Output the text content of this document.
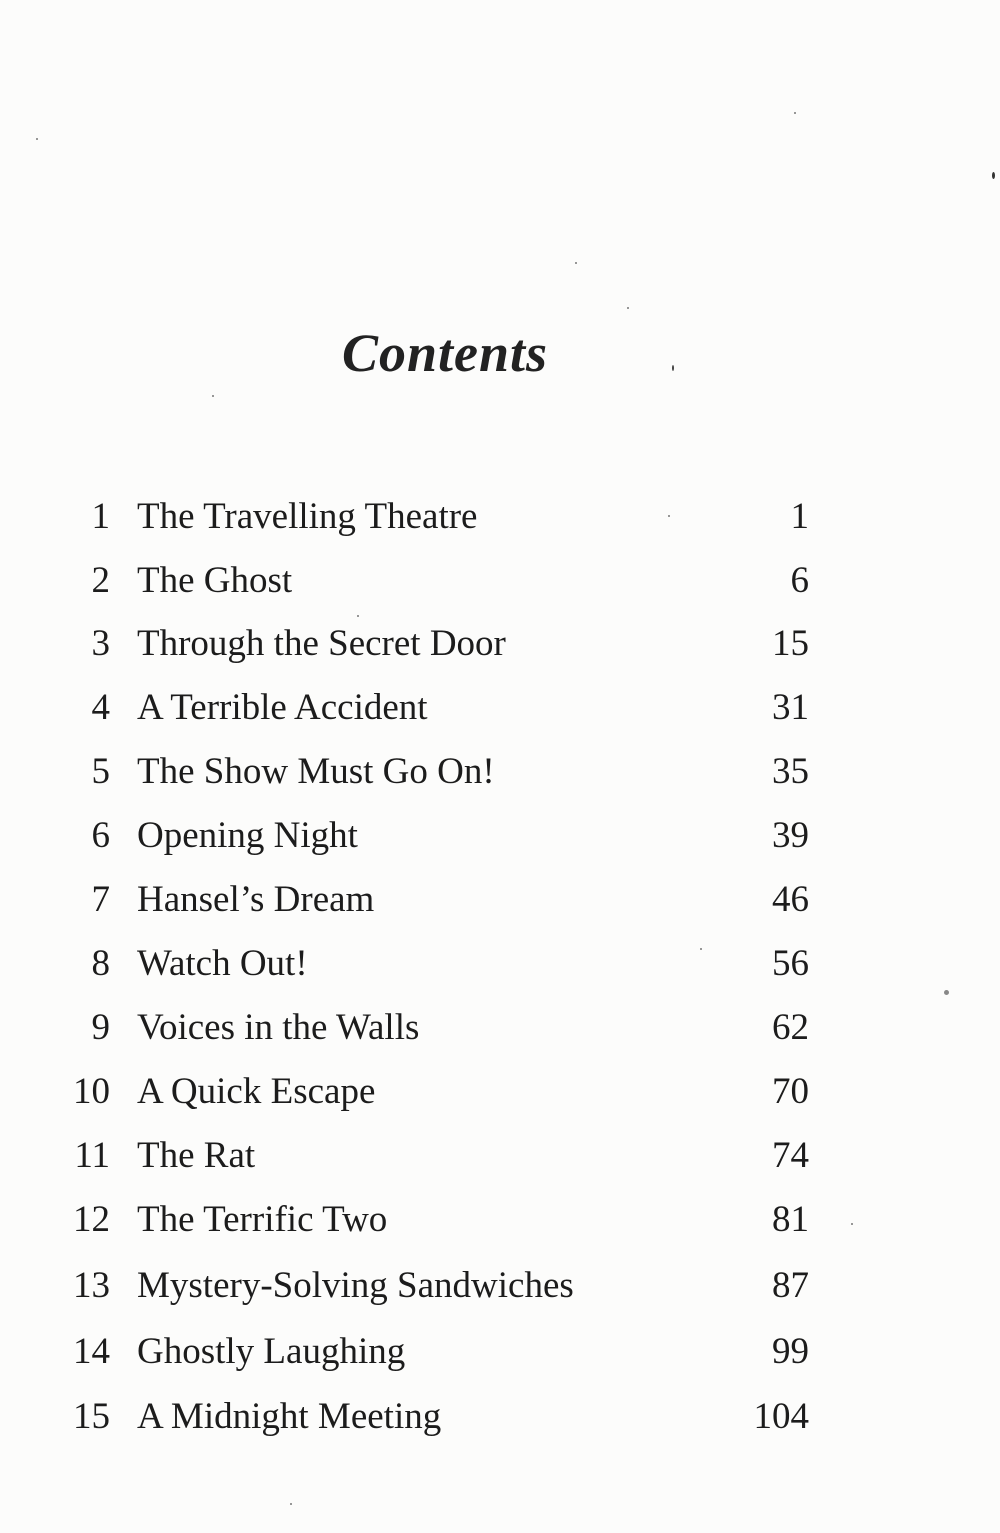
Contents
1 The Travelling Theatre	1
2 The Ghost	6
3 Through the Secret Door	15
4 A Terrible Accident	31
5 The Show Must Go On!	35
6 Opening Night	39
7 Hansel’s Dream	46
8 Watch Out!	56
9 Voices in the Walls	62
10 A Quick Escape	70
11 The Rat	74
12 The Terrific Two	81
13 Mystery-Solving Sandwiches	87
14 Ghostly Laughing	99
15 A Midnight Meeting	104
